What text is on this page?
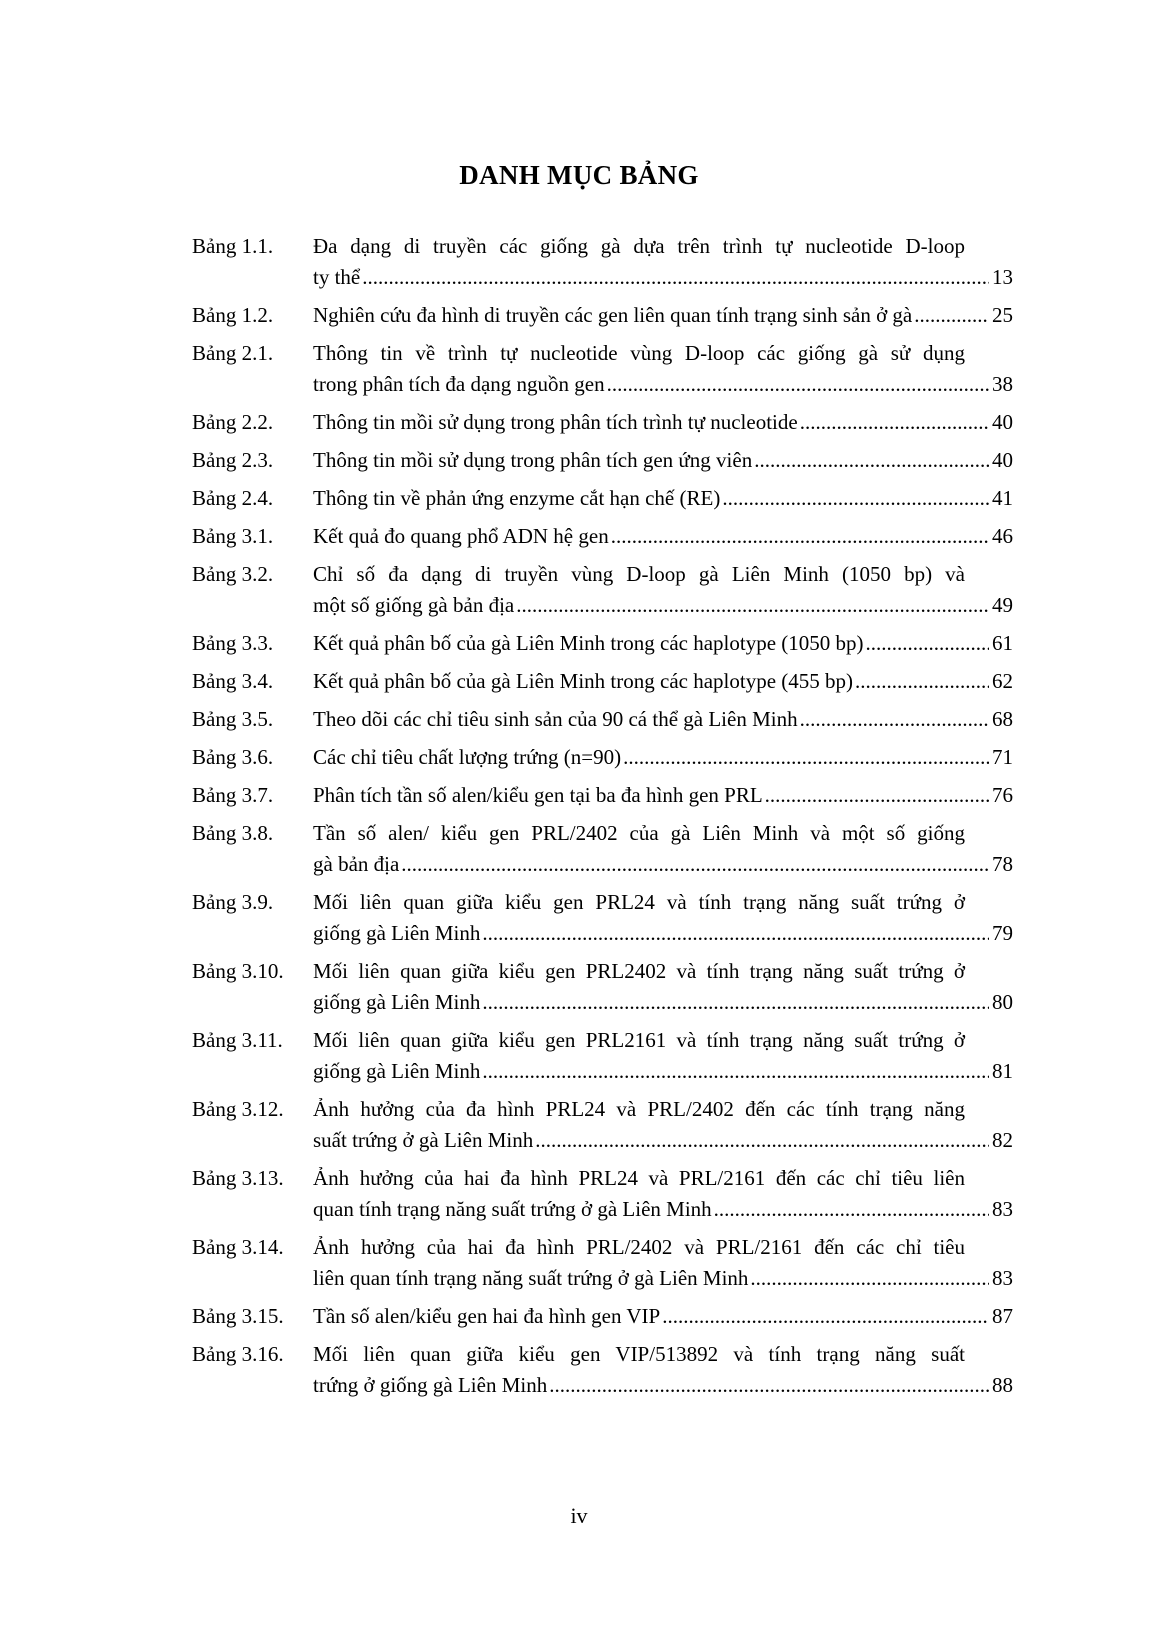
DANH MỤC BẢNG
Bảng 1.1. Đa dạng di truyền các giống gà dựa trên trình tự nucleotide D-loop
ty thể .....	13
Bảng 1.2. Nghiên cứu đa hình di truyền các gen liên quan tính trạng sinh sản ở gà .....	25
Bảng 2.1. Thông tin về trình tự nucleotide vùng D-loop các giống gà sử dụng
trong phân tích đa dạng nguồn gen .....	38
Bảng 2.2. Thông tin mồi sử dụng trong phân tích trình tự nucleotide .....	40
Bảng 2.3. Thông tin mồi sử dụng trong phân tích gen ứng viên .....	40
Bảng 2.4. Thông tin về phản ứng enzyme cắt hạn chế (RE) .....	41
Bảng 3.1. Kết quả đo quang phổ ADN hệ gen .....	46
Bảng 3.2. Chỉ số đa dạng di truyền vùng D-loop gà Liên Minh (1050 bp) và
một số giống gà bản địa .....	49
Bảng 3.3. Kết quả phân bố của gà Liên Minh trong các haplotype (1050 bp) .....	61
Bảng 3.4. Kết quả phân bố của gà Liên Minh trong các haplotype (455 bp) .....	62
Bảng 3.5. Theo dõi các chỉ tiêu sinh sản của 90 cá thể gà Liên Minh .....	68
Bảng 3.6. Các chỉ tiêu chất lượng trứng (n=90) .....	71
Bảng 3.7. Phân tích tần số alen/kiểu gen tại ba đa hình gen PRL .....	76
Bảng 3.8. Tần số alen/ kiểu gen PRL/2402 của gà Liên Minh và một số giống
gà bản địa .....	78
Bảng 3.9. Mối liên quan giữa kiểu gen PRL24 và tính trạng năng suất trứng ở
giống gà Liên Minh .....	79
Bảng 3.10. Mối liên quan giữa kiểu gen PRL2402 và tính trạng năng suất trứng ở
giống gà Liên Minh .....	80
Bảng 3.11. Mối liên quan giữa kiểu gen PRL2161 và tính trạng năng suất trứng ở
giống gà Liên Minh .....	81
Bảng 3.12. Ảnh hưởng của đa hình PRL24 và PRL/2402 đến các tính trạng năng
suất trứng ở gà Liên Minh .....	82
Bảng 3.13. Ảnh hưởng của hai đa hình PRL24 và PRL/2161 đến các chỉ tiêu liên
quan tính trạng năng suất trứng ở gà Liên Minh .....	83
Bảng 3.14. Ảnh hưởng của hai đa hình PRL/2402 và PRL/2161 đến các chỉ tiêu
liên quan tính trạng năng suất trứng ở gà Liên Minh .....	83
Bảng 3.15. Tần số alen/kiểu gen hai đa hình gen VIP .....	87
Bảng 3.16. Mối liên quan giữa kiểu gen VIP/513892 và tính trạng năng suất
trứng ở giống gà Liên Minh .....	88
iv
